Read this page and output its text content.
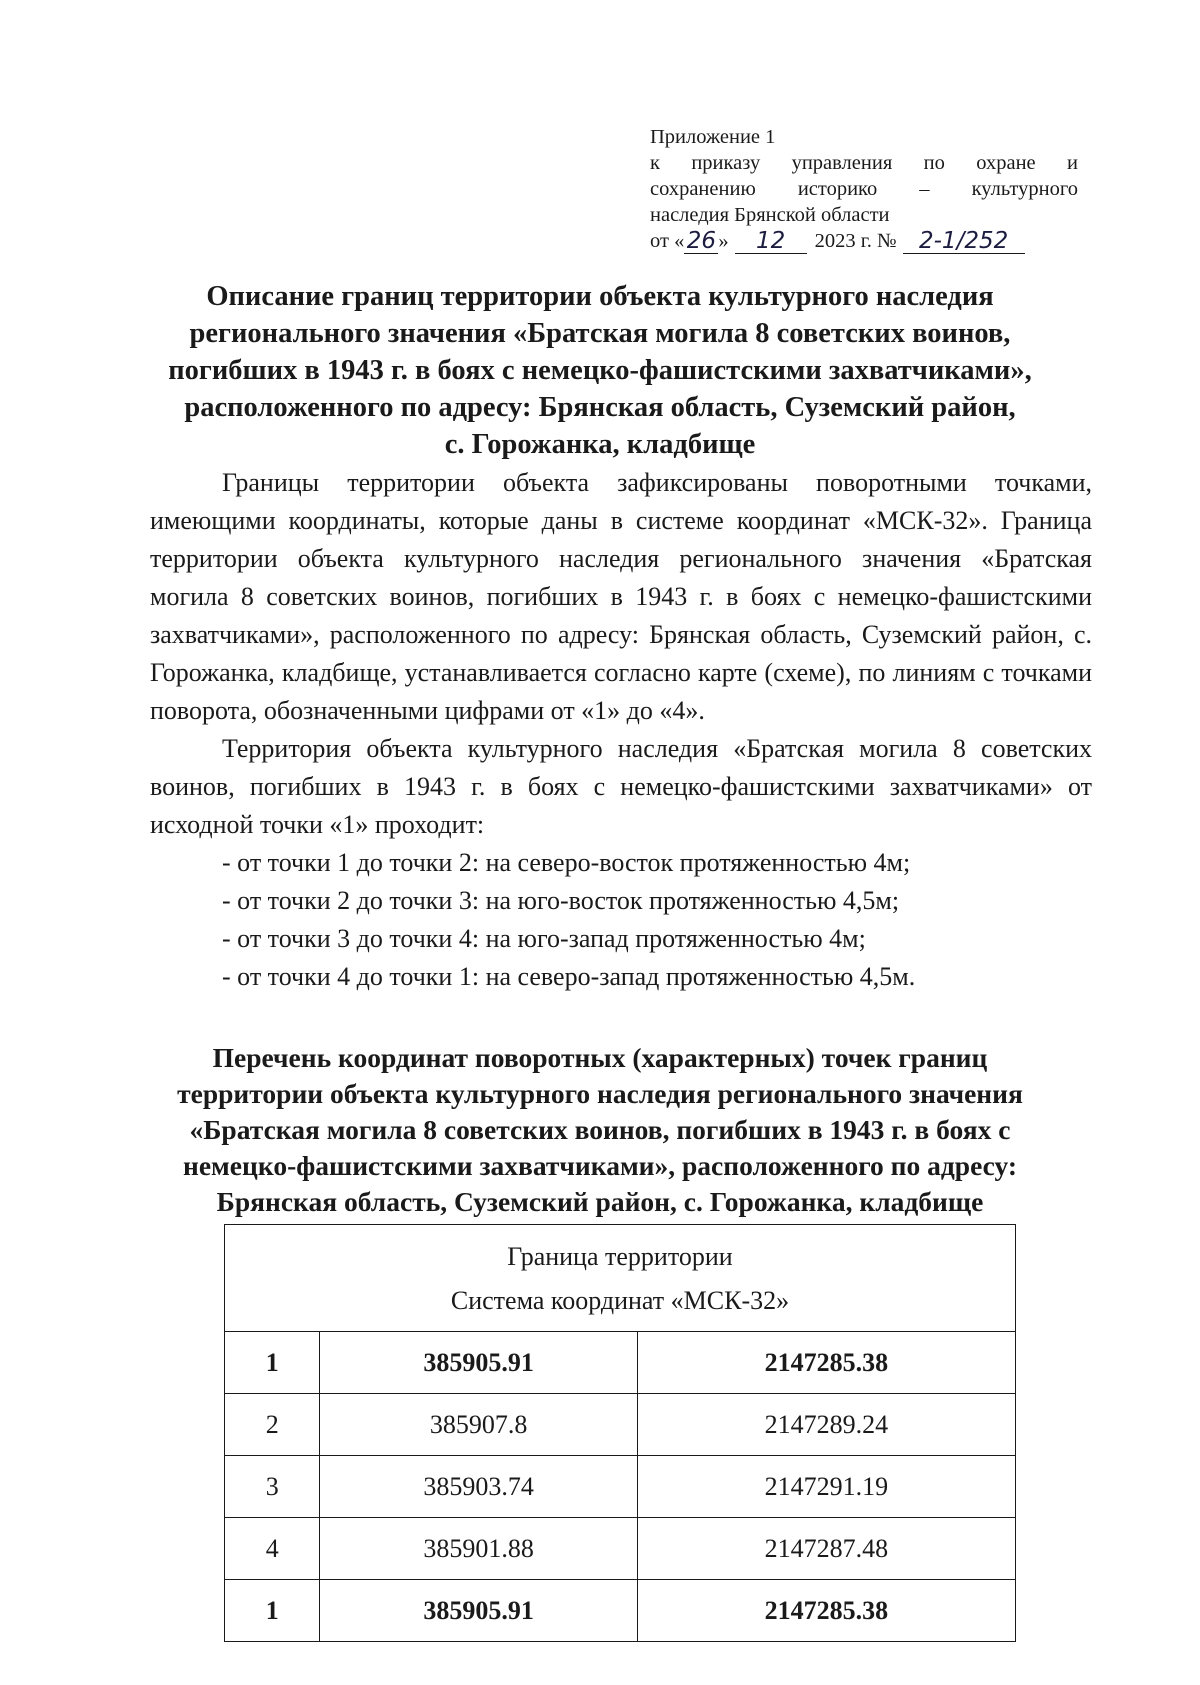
Приложение 1
к приказу управления по охране и
сохранению историко – культурного
наследия Брянской области
от « 26 »	12	2023 г. № 2-1/252
Описание границ территории объекта культурного наследия
регионального значения «Братская могила 8 советских воинов,
погибших в 1943 г. в боях с немецко-фашистскими захватчиками»,
расположенного по адресу: Брянская область, Суземский район,
с. Горожанка, кладбище

Границы территории объекта зафиксированы поворотными точками, имеющими координаты, которые даны в системе координат «МСК-32». Граница территории объекта культурного наследия регионального значения «Братская могила 8 советских воинов, погибших в 1943 г. в боях с немецко-фашистскими захватчиками», расположенного по адресу: Брянская область, Суземский район, с. Горожанка, кладбище, устанавливается согласно карте (схеме), по линиям с точками поворота, обозначенными цифрами от «1» до «4».

Территория объекта культурного наследия «Братская могила 8 советских воинов, погибших в 1943 г. в боях с немецко-фашистскими захватчиками» от исходной точки «1» проходит:

- от точки 1 до точки 2: на северо-восток протяженностью 4м;
- от точки 2 до точки 3: на юго-восток протяженностью 4,5м;
- от точки 3 до точки 4: на юго-запад протяженностью 4м;
- от точки 4 до точки 1: на северо-запад протяженностью 4,5м.
Перечень координат поворотных (характерных) точек границ
территории объекта культурного наследия регионального значения
«Братская могила 8 советских воинов, погибших в 1943 г. в боях с
немецко-фашистскими захватчиками», расположенного по адресу:
Брянская область, Суземский район, с. Горожанка, кладбище
Граница территории
Система координат «МСК-32»		

1	385905.91	2147285.38
2	385907.8	2147289.24
3	385903.74	2147291.19
4	385901.88	2147287.48
1	385905.91	2147285.38
